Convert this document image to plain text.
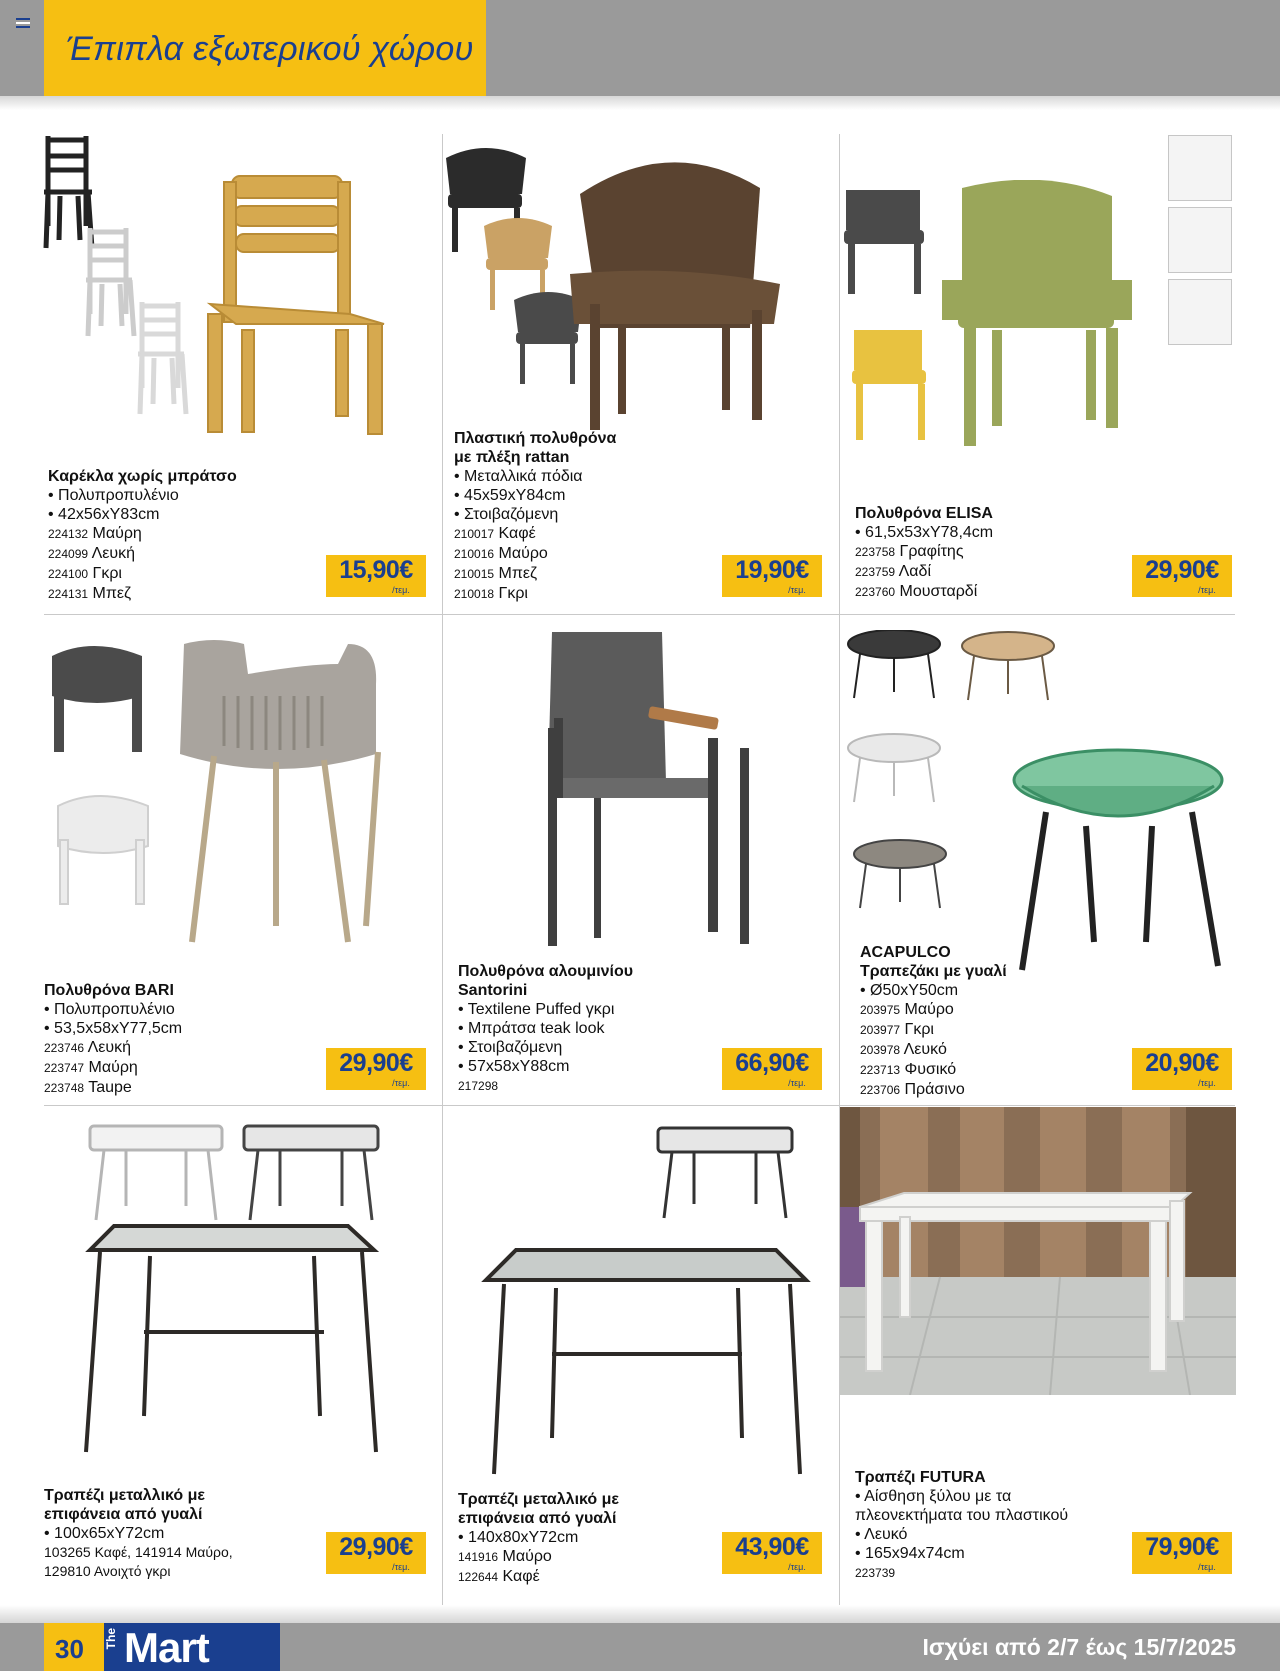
Έπιπλα εξωτερικού χώρου
Καρέκλα χωρίς μπράτσο
• Πολυπροπυλένιο
• 42x56xY83cm
224132 Μαύρη
224099 Λευκή
224100 Γκρι
224131 Μπεζ
15,90€
/τεμ.
Πλαστική πολυθρόνα
με πλέξη rattan
• Μεταλλικά πόδια
• 45x59xY84cm
• Στοιβαζόμενη
210017 Καφέ
210016 Μαύρο
210015 Μπεζ
210018 Γκρι
19,90€
/τεμ.
Πολυθρόνα ELISA
• 61,5x53xY78,4cm
223758 Γραφίτης
223759 Λαδί
223760 Μουσταρδί
29,90€
/τεμ.
Πολυθρόνα BARI
• Πολυπροπυλένιο
• 53,5x58xY77,5cm
223746 Λευκή
223747 Μαύρη
223748 Taupe
29,90€
/τεμ.
Πολυθρόνα αλουμινίου
Santorini
• Textilene Puffed γκρι
• Μπράτσα teak look
• Στοιβαζόμενη
• 57x58xY88cm
217298
66,90€
/τεμ.
ACAPULCO
Τραπεζάκι με γυαλί
• Ø50xY50cm
203975 Μαύρο
203977 Γκρι
203978 Λευκό
223713 Φυσικό
223706 Πράσινο
20,90€
/τεμ.
Τραπέζι μεταλλικό με
επιφάνεια από γυαλί
• 100x65xY72cm
103265 Καφέ, 141914 Μαύρο,
129810 Ανοιχτό γκρι
29,90€
/τεμ.
Τραπέζι μεταλλικό με
επιφάνεια από γυαλί
• 140x80xY72cm
141916 Μαύρο
122644 Καφέ
43,90€
/τεμ.
Τραπέζι FUTURA
• Αίσθηση ξύλου με τα
πλεονεκτήματα του πλαστικού
• Λευκό
• 165x94x74cm
223739
79,90€
/τεμ.
30 The Mart	Ισχύει από 2/7 έως 15/7/2025
